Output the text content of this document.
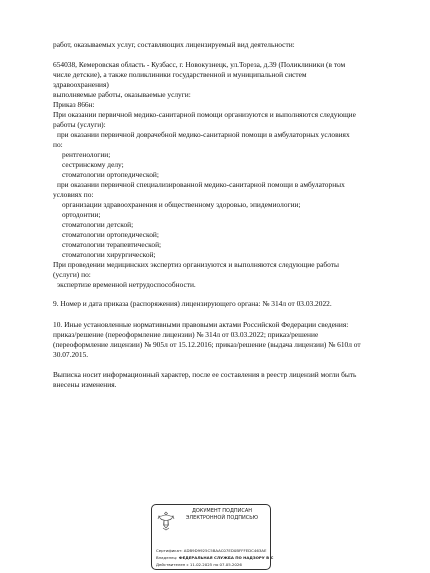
работ, оказываемых услуг, составляющих лицензируемый вид деятельности:
654038, Кемеровская область - Кузбасс, г. Новокузнецк, ул.Тореза, д.39 (Поликлиники (в том
числе детские), а также поликлиники государственной и муниципальной систем
здравоохранения)
выполняемые работы, оказываемые услуги:
Приказ 866н:
При оказании первичной медико-санитарной помощи организуются и выполняются следующие
работы (услуги):
при оказании первичной доврачебной медико-санитарной помощи в амбулаторных условиях
по:
рентгенологии;
сестринскому делу;
стоматологии ортопедической;
при оказании первичной специализированной медико-санитарной помощи в амбулаторных
условиях по:
организации здравоохранения и общественному здоровью, эпидемиологии;
ортодонтии;
стоматологии детской;
стоматологии ортопедической;
стоматологии терапевтической;
стоматологии хирургической;
При проведении медицинских экспертиз организуются и выполняются следующие работы
(услуги) по:
экспертизе временной нетрудоспособности.
9. Номер и дата приказа (распоряжения) лицензирующего органа: № 314л от 03.03.2022.
10. Иные установленные нормативными правовыми актами Российской Федерации сведения:
приказ/решение (переоформление лицензии) № 314л от 03.03.2022; приказ/решение
(переоформление лицензии) № 905л от 15.12.2016; приказ/решение (выдача лицензии) № 610л от
30.07.2015.
Выписка носит информационный характер, после ее составления в реестр лицензий могли быть
внесены изменения.
ДОКУМЕНТ ПОДПИСАН
ЭЛЕКТРОННОЙ ПОДПИСЬЮ
Сертификат: ADB9D9925C5BAAC07ED0BFFFEDC463AE
Владелец: ФЕДЕРАЛЬНАЯ СЛУЖБА ПО НАДЗОРУ В С
Действителен с 11.02.2025 по 07.05.2026
